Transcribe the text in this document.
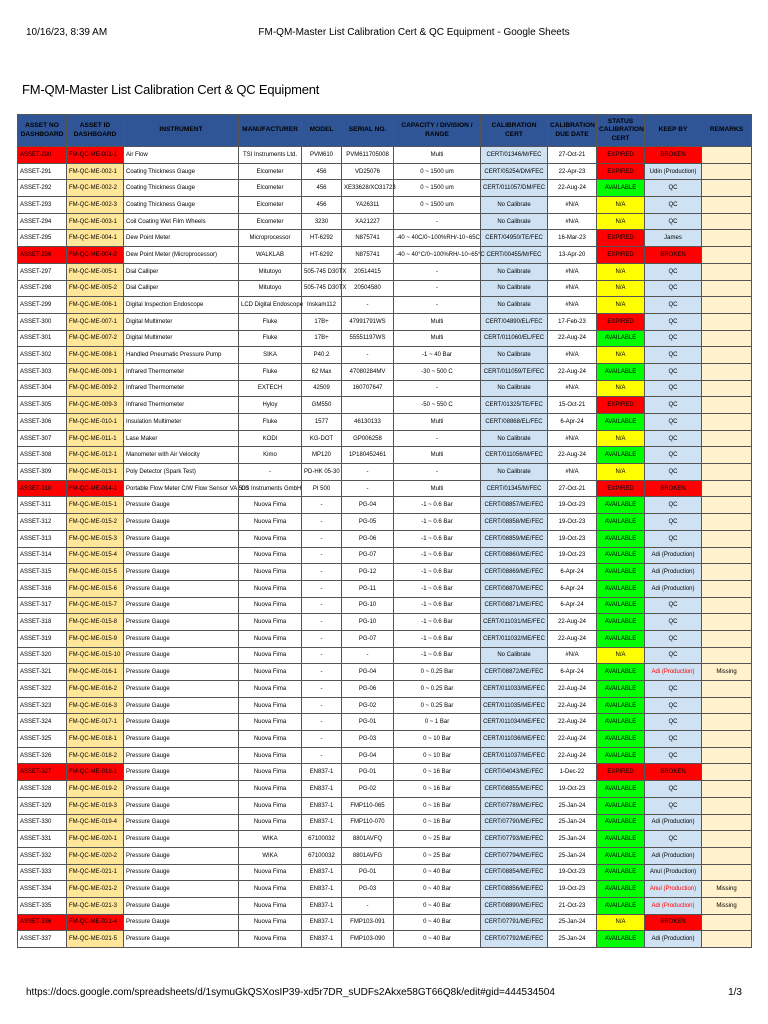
10/16/23, 8:39 AM	FM-QM-Master List Calibration Cert & QC Equipment - Google Sheets
FM-QM-Master List Calibration Cert & QC Equipment
ASSET NO DASHBOARD	ASSET ID DASHBOARD	INSTRUMENT	MANUFACTURER	MODEL	SERIAL NO.	CAPACITY / DIVISION / RANGE	CALIBRATION CERT	CALIBRATION DUE DATE	STATUS CALIBRATION CERT	KEEP BY	REMARKS
ASSET-290	FM-QC-ME-001-1	Air Flow	TSI Instruments Ltd.	PVM610	PVM611705008	Multi	CERT/01346/M/FEC	27-Oct-21	EXPIRED	BROKEN	
ASSET-291	FM-QC-ME-002-1	Coating Thickness Gauge	Elcometer	456	VD25076	0 ~ 1500 um	CERT/05254/DM/FEC	22-Apr-23	EXPIRED	Udin (Production)	
ASSET-292	FM-QC-ME-002-2	Coating Thickness Gauge	Elcometer	456	XE33628/XO31723	0 ~ 1500 um	CERT/011057/DM/FEC	22-Aug-24	AVAILABLE	QC	
ASSET-293	FM-QC-ME-002-3	Coating Thickness Gauge	Elcometer	456	YA26311	0 ~ 1500 um	No Calibrate	#N/A	N/A	QC	
ASSET-294	FM-QC-ME-003-1	Coil Coating Wet Film Wheels	Elcometer	3230	XA21227	-	No Calibrate	#N/A	N/A	QC	
ASSET-295	FM-QC-ME-004-1	Dew Point Meter	Microprocessor	HT-6292	N875741	-40 ~ 40C/0~100%RH/-10~65C	CERT/04950/TE/FEC	16-Mar-23	EXPIRED	James	
ASSET-296	FM-QC-ME-004-2	Dew Point Meter (Microprocessor)	WALKLAB	HT-6292	N875741	-40 ~ 40°C/0~100%RH/-10~65°C	CERT/00455/M/FEC	13-Apr-20	EXPIRED	BROKEN	
ASSET-297	FM-QC-ME-005-1	Dial Calliper	Mitutoyo	505-745 D30TX	20514415	-	No Calibrate	#N/A	N/A	QC	
ASSET-298	FM-QC-ME-005-2	Dial Calliper	Mitutoyo	505-745 D30TX	20504580	-	No Calibrate	#N/A	N/A	QC	
ASSET-299	FM-QC-ME-006-1	Digital Inspection Endoscope	LCD Digital Endoscope	Inskam112	-	-	No Calibrate	#N/A	N/A	QC	
ASSET-300	FM-QC-ME-007-1	Digital Multimeter	Fluke	17B+	47991791WS	Multi	CERT/04890/EL/FEC	17-Feb-23	EXPIRED	QC	
ASSET-301	FM-QC-ME-007-2	Digital Multimeter	Fluke	17B+	55551197WS	Multi	CERT/011060/EL/FEC	22-Aug-24	AVAILABLE	QC	
ASSET-302	FM-QC-ME-008-1	Handled Pneumatic Pressure Pump	SIKA	P40.2	-	-1 ~ 40 Bar	No Calibrate	#N/A	N/A	QC	
ASSET-303	FM-QC-ME-009-1	Infrared Thermometer	Fluke	62 Max	47080284MV	-30 ~ 500 C	CERT/011059/TE/FEC	22-Aug-24	AVAILABLE	QC	
ASSET-304	FM-QC-ME-009-2	Infrared Thermometer	EXTECH	42509	160707647	-	No Calibrate	#N/A	N/A	QC	
ASSET-305	FM-QC-ME-009-3	Infrared Thermometer	Hyloy	GM550		-50 ~ 550 C	CERT/01325/TE/FEC	15-Oct-21	EXPIRED	QC	
ASSET-306	FM-QC-ME-010-1	Insulation Multimeter	Fluke	1577	46130133	Multi	CERT/08868/EL/FEC	6-Apr-24	AVAILABLE	QC	
ASSET-307	FM-QC-ME-011-1	Lase Maker	KODI	KG-DOT	GP006258	-	No Calibrate	#N/A	N/A	QC	
ASSET-308	FM-QC-ME-012-1	Manometer with Air Velocity	Kimo	MP120	1P180452461	Multi	CERT/011056/M/FEC	22-Aug-24	AVAILABLE	QC	
ASSET-309	FM-QC-ME-013-1	Poly Detector (Spark Test)	-	PD-HK 05-30	-	-	No Calibrate	#N/A	N/A	QC	
ASSET-310	FM-QC-ME-014-1	Portable Flow Meter C/W Flow Sensor VA 500	CS Instruments GmbH	PI 500	-	Multi	CERT/01345/M/FEC	27-Oct-21	EXPIRED	BROKEN	
ASSET-311	FM-QC-ME-015-1	Pressure Gauge	Nuova Fima	-	PG-04	-1 ~ 0.6 Bar	CERT/08857/ME/FEC	19-Oct-23	AVAILABLE	QC	
ASSET-312	FM-QC-ME-015-2	Pressure Gauge	Nuova Fima	-	PG-05	-1 ~ 0.6 Bar	CERT/08858/ME/FEC	19-Oct-23	AVAILABLE	QC	
ASSET-313	FM-QC-ME-015-3	Pressure Gauge	Nuova Fima	-	PG-06	-1 ~ 0.6 Bar	CERT/08859/ME/FEC	19-Oct-23	AVAILABLE	QC	
ASSET-314	FM-QC-ME-015-4	Pressure Gauge	Nuova Fima	-	PG-07	-1 ~ 0.6 Bar	CERT/08860/ME/FEC	19-Oct-23	AVAILABLE	Adi (Production)	
ASSET-315	FM-QC-ME-015-5	Pressure Gauge	Nuova Fima	-	PG-12	-1 ~ 0.6 Bar	CERT/08869/ME/FEC	6-Apr-24	AVAILABLE	Adi (Production)	
ASSET-316	FM-QC-ME-015-6	Pressure Gauge	Nuova Fima	-	PG-11	-1 ~ 0.6 Bar	CERT/08870/ME/FEC	6-Apr-24	AVAILABLE	Adi (Production)	
ASSET-317	FM-QC-ME-015-7	Pressure Gauge	Nuova Fima	-	PG-10	-1 ~ 0.6 Bar	CERT/08871/ME/FEC	6-Apr-24	AVAILABLE	QC	
ASSET-318	FM-QC-ME-015-8	Pressure Gauge	Nuova Fima	-	PG-10	-1 ~ 0.6 Bar	CERT/011031/ME/FEC	22-Aug-24	AVAILABLE	QC	
ASSET-319	FM-QC-ME-015-9	Pressure Gauge	Nuova Fima	-	PG-07	-1 ~ 0.6 Bar	CERT/011032/ME/FEC	22-Aug-24	AVAILABLE	QC	
ASSET-320	FM-QC-ME-015-10	Pressure Gauge	Nuova Fima	-	-	-1 ~ 0.6 Bar	No Calibrate	#N/A	N/A	QC	
ASSET-321	FM-QC-ME-016-1	Pressure Gauge	Nuova Fima	-	PG-04	0 ~ 0.25 Bar	CERT/08872/ME/FEC	6-Apr-24	AVAILABLE	Adi (Production)	Missing
ASSET-322	FM-QC-ME-016-2	Pressure Gauge	Nuova Fima	-	PG-06	0 ~ 0.25 Bar	CERT/011033/ME/FEC	22-Aug-24	AVAILABLE	QC	
ASSET-323	FM-QC-ME-016-3	Pressure Gauge	Nuova Fima	-	PG-02	0 ~ 0.25 Bar	CERT/011035/ME/FEC	22-Aug-24	AVAILABLE	QC	
ASSET-324	FM-QC-ME-017-1	Pressure Gauge	Nuova Fima	-	PG-01	0 ~ 1 Bar	CERT/011034/ME/FEC	22-Aug-24	AVAILABLE	QC	
ASSET-325	FM-QC-ME-018-1	Pressure Gauge	Nuova Fima	-	PG-03	0 ~ 10 Bar	CERT/011036/ME/FEC	22-Aug-24	AVAILABLE	QC	
ASSET-326	FM-QC-ME-018-2	Pressure Gauge	Nuova Fima	-	PG-04	0 ~ 10 Bar	CERT/011037/ME/FEC	22-Aug-24	AVAILABLE	QC	
ASSET-327	FM-QC-ME-019-1	Pressure Gauge	Nuova Fima	EN837-1	PG-01	0 ~ 16 Bar	CERT/04043/ME/FEC	1-Dec-22	EXPIRED	BROKEN	
ASSET-328	FM-QC-ME-019-2	Pressure Gauge	Nuova Fima	EN837-1	PG-02	0 ~ 16 Bar	CERT/08855/ME/FEC	19-Oct-23	AVAILABLE	QC	
ASSET-329	FM-QC-ME-019-3	Pressure Gauge	Nuova Fima	EN837-1	FMP110-065	0 ~ 16 Bar	CERT/07789/ME/FEC	25-Jan-24	AVAILABLE	QC	
ASSET-330	FM-QC-ME-019-4	Pressure Gauge	Nuova Fima	EN837-1	FMP110-070	0 ~ 16 Bar	CERT/07790/ME/FEC	25-Jan-24	AVAILABLE	Adi (Production)	
ASSET-331	FM-QC-ME-020-1	Pressure Gauge	WIKA	67100032	8801AVFQ	0 ~ 25 Bar	CERT/07793/ME/FEC	25-Jan-24	AVAILABLE	QC	
ASSET-332	FM-QC-ME-020-2	Pressure Gauge	WIKA	67100032	8801AVFG	0 ~ 25 Bar	CERT/07794/ME/FEC	25-Jan-24	AVAILABLE	Adi (Production)	
ASSET-333	FM-QC-ME-021-1	Pressure Gauge	Nuova Fima	EN837-1	PG-01	0 ~ 40 Bar	CERT/08854/ME/FEC	19-Oct-23	AVAILABLE	Anul (Production)	
ASSET-334	FM-QC-ME-021-2	Pressure Gauge	Nuova Fima	EN837-1	PG-03	0 ~ 40 Bar	CERT/08856/ME/FEC	19-Oct-23	AVAILABLE	Anul (Production)	Missing
ASSET-335	FM-QC-ME-021-3	Pressure Gauge	Nuova Fima	EN837-1	-	0 ~ 40 Bar	CERT/08890/ME/FEC	21-Oct-23	AVAILABLE	Adi (Production)	Missing
ASSET-336	FM-QC-ME-021-4	Pressure Gauge	Nuova Fima	EN837-1	FMP103-091	0 ~ 40 Bar	CERT/07791/ME/FEC	25-Jan-24	N/A	BROKEN	
ASSET-337	FM-QC-ME-021-5	Pressure Gauge	Nuova Fima	EN837-1	FMP103-090	0 ~ 40 Bar	CERT/07792/ME/FEC	25-Jan-24	AVAILABLE	Adi (Production)	
https://docs.google.com/spreadsheets/d/1symuGkQSXosIP39-xd5r7DR_sUDFs2Akxe58GT66Q8k/edit#gid=444534504	1/3
